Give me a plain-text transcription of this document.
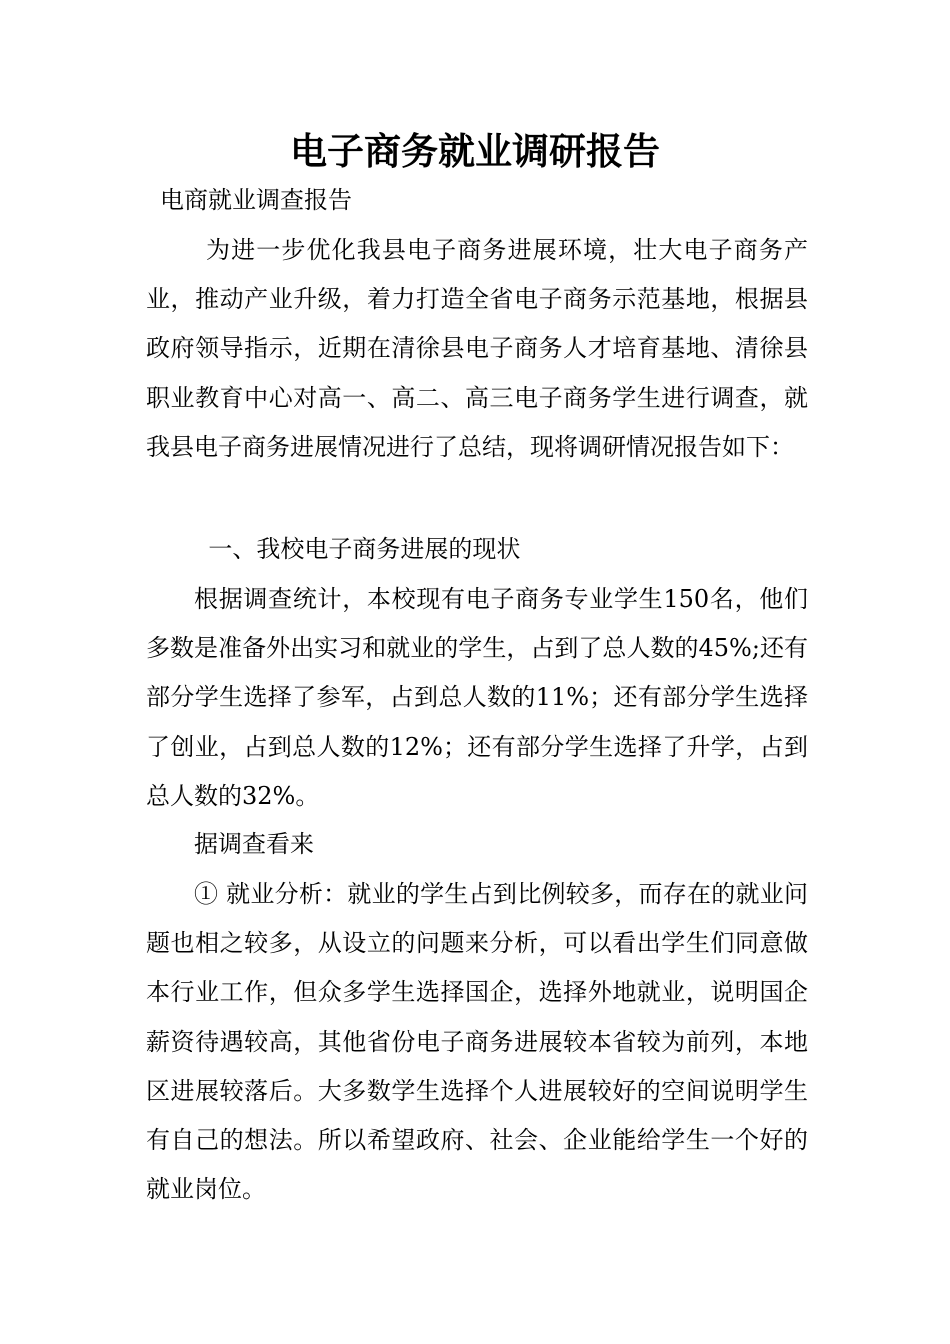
电子商务就业调研报告
电商就业调查报告

为进一步优化我县电子商务进展环境，壮大电子商务产业，推动产业升级，着力打造全省电子商务示范基地，根据县政府领导指示，近期在清徐县电子商务人才培育基地、清徐县职业教育中心对高一、高二、高三电子商务学生进行调查，就我县电子商务进展情况进行了总结，现将调研情况报告如下：

一、我校电子商务进展的现状

根据调查统计，本校现有电子商务专业学生150名，他们多数是准备外出实习和就业的学生，占到了总人数的45%;还有部分学生选择了参军，占到总人数的11%；还有部分学生选择了创业，占到总人数的12%；还有部分学生选择了升学，占到总人数的32%。

据调查看来

① 就业分析：就业的学生占到比例较多，而存在的就业问题也相之较多，从设立的问题来分析，可以看出学生们同意做本行业工作，但众多学生选择国企，选择外地就业，说明国企薪资待遇较高，其他省份电子商务进展较本省较为前列，本地区进展较落后。大多数学生选择个人进展较好的空间说明学生有自己的想法。所以希望政府、社会、企业能给学生一个好的就业岗位。
